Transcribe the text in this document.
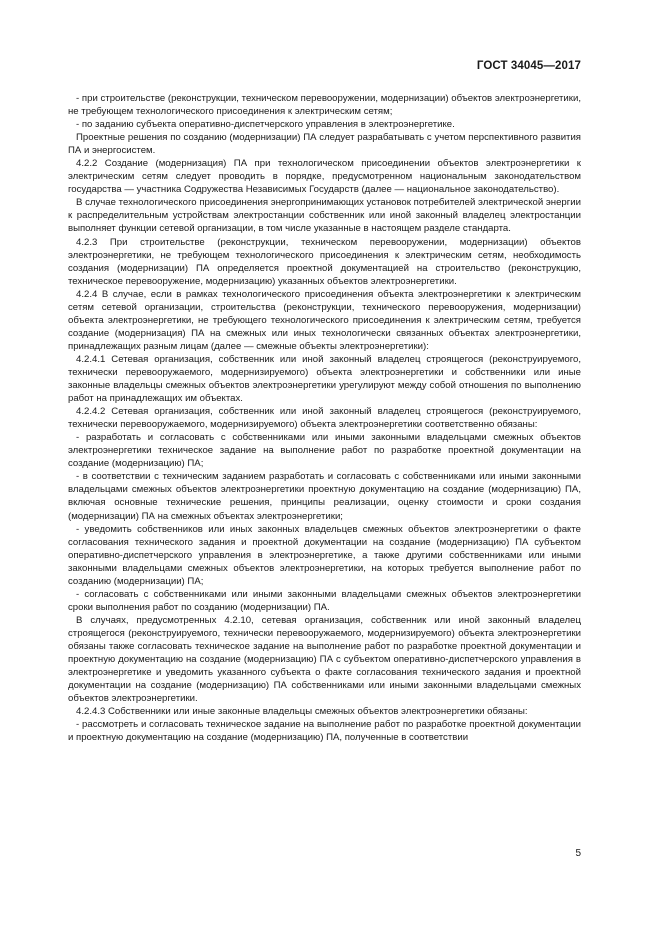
ГОСТ 34045—2017

- при строительстве (реконструкции, техническом перевооружении, модернизации) объектов электроэнергетики, не требующем технологического присоединения к электрическим сетям;

- по заданию субъекта оперативно-диспетчерского управления в электроэнергетике.

Проектные решения по созданию (модернизации) ПА следует разрабатывать с учетом перспективного развития ПА и энергосистем.

4.2.2 Создание (модернизация) ПА при технологическом присоединении объектов электроэнергетики к электрическим сетям следует проводить в порядке, предусмотренном национальным законодательством государства — участника Содружества Независимых Государств (далее — национальное законодательство).

В случае технологического присоединения энергопринимающих установок потребителей электрической энергии к распределительным устройствам электростанции собственник или иной законный владелец электростанции выполняет функции сетевой организации, в том числе указанные в настоящем разделе стандарта.

4.2.3 При строительстве (реконструкции, техническом перевооружении, модернизации) объектов электроэнергетики, не требующем технологического присоединения к электрическим сетям, необходимость создания (модернизации) ПА определяется проектной документацией на строительство (реконструкцию, техническое перевооружение, модернизацию) указанных объектов электроэнергетики.

4.2.4 В случае, если в рамках технологического присоединения объекта электроэнергетики к электрическим сетям сетевой организации, строительства (реконструкции, технического перевооружения, модернизации) объекта электроэнергетики, не требующего технологического присоединения к электрическим сетям, требуется создание (модернизация) ПА на смежных или иных технологически связанных объектах электроэнергетики, принадлежащих разным лицам (далее — смежные объекты электроэнергетики):

4.2.4.1 Сетевая организация, собственник или иной законный владелец строящегося (реконструируемого, технически перевооружаемого, модернизируемого) объекта электроэнергетики и собственники или иные законные владельцы смежных объектов электроэнергетики урегулируют между собой отношения по выполнению работ на принадлежащих им объектах.

4.2.4.2 Сетевая организация, собственник или иной законный владелец строящегося (реконструируемого, технически перевооружаемого, модернизируемого) объекта электроэнергетики соответственно обязаны:

- разработать и согласовать с собственниками или иными законными владельцами смежных объектов электроэнергетики техническое задание на выполнение работ по разработке проектной документации на создание (модернизацию) ПА;

- в соответствии с техническим заданием разработать и согласовать с собственниками или иными законными владельцами смежных объектов электроэнергетики проектную документацию на создание (модернизацию) ПА, включая основные технические решения, принципы реализации, оценку стоимости и сроки создания (модернизации) ПА на смежных объектах электроэнергетики;

- уведомить собственников или иных законных владельцев смежных объектов электроэнергетики о факте согласования технического задания и проектной документации на создание (модернизацию) ПА субъектом оперативно-диспетчерского управления в электроэнергетике, а также другими собственниками или иными законными владельцами смежных объектов электроэнергетики, на которых требуется выполнение работ по созданию (модернизации) ПА;

- согласовать с собственниками или иными законными владельцами смежных объектов электроэнергетики сроки выполнения работ по созданию (модернизации) ПА.

В случаях, предусмотренных 4.2.10, сетевая организация, собственник или иной законный владелец строящегося (реконструируемого, технически перевооружаемого, модернизируемого) объекта электроэнергетики обязаны также согласовать техническое задание на выполнение работ по разработке проектной документации и проектную документацию на создание (модернизацию) ПА с субъектом оперативно-диспетчерского управления в электроэнергетике и уведомить указанного субъекта о факте согласования технического задания и проектной документации на создание (модернизацию) ПА собственниками или иными законными владельцами смежных объектов электроэнергетики.

4.2.4.3 Собственники или иные законные владельцы смежных объектов электроэнергетики обязаны:

- рассмотреть и согласовать техническое задание на выполнение работ по разработке проектной документации и проектную документацию на создание (модернизацию) ПА, полученные в соответствии

5
